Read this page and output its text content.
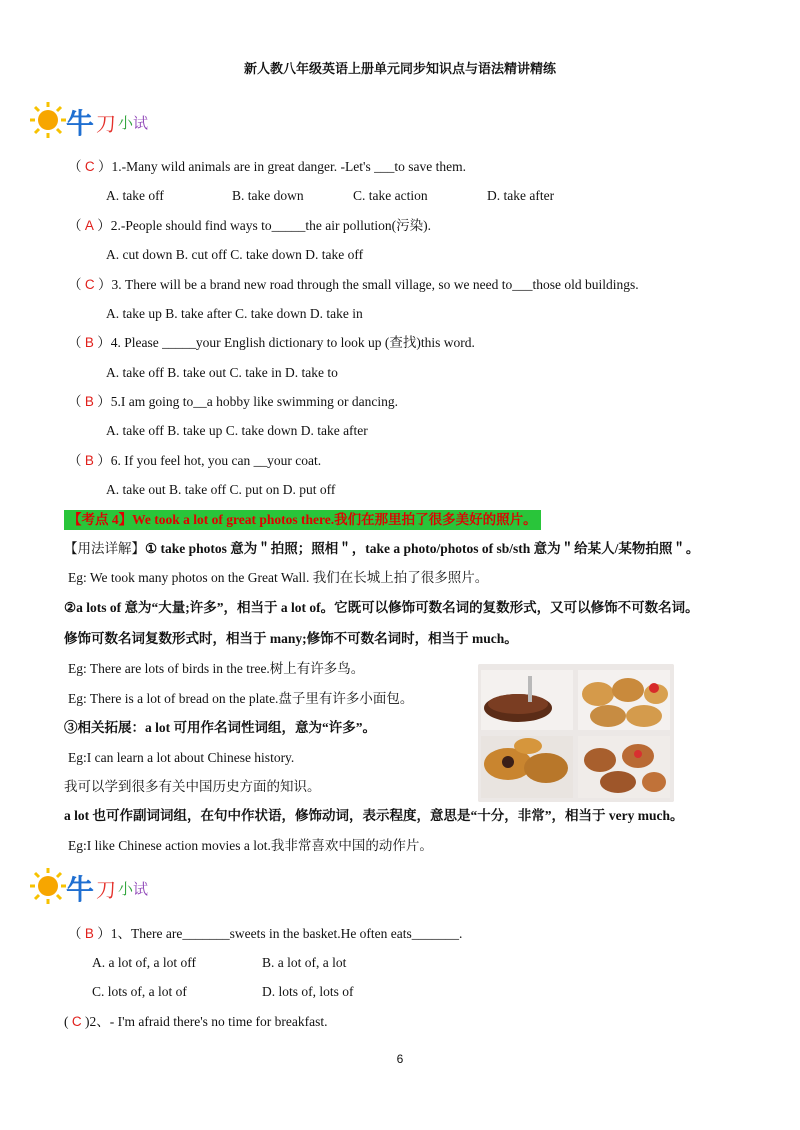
新人教八年级英语上册单元同步知识点与语法精讲精练
牛 刀 小 试
（ C ）1.-Many wild animals are in great danger. -Let's ___to save them.
A. take off	B. take down	C. take action	D. take after
（ A ）2.-People should find ways to_____the air pollution(污染).
A. cut down B. cut off C. take down D. take off
（ C ）3. There will be a brand new road through the small village, so we need to___those old buildings.
A. take up B. take after C. take down D. take in
（ B ）4. Please _____your English dictionary to look up (查找)this word.
A. take off B. take out C. take in D. take to
（ B ）5.I am going to__a hobby like swimming or dancing.
A. take off B. take up C. take down D. take after
（ B ）6. If you feel hot, you can __your coat.
A. take out B. take off C. put on D. put off
【考点 4】We took a lot of great photos there.我们在那里拍了很多美好的照片。
【用法详解】① take photos 意为＂拍照；照相＂，take a photo/photos of sb/sth 意为＂给某人/某物拍照＂。
Eg: We took many photos on the Great Wall. 我们在长城上拍了很多照片。
②a lots of 意为“大量;许多”，相当于 a lot of。它既可以修饰可数名词的复数形式，又可以修饰不可数名词。
修饰可数名词复数形式时，相当于 many;修饰不可数名词时，相当于 much。
Eg: There are lots of birds in the tree.树上有许多鸟。
Eg: There is a lot of bread on the plate.盘子里有许多小面包。
③相关拓展：a lot 可用作名词性词组，意为“许多”。
Eg:I can learn a lot about Chinese history.
我可以学到很多有关中国历史方面的知识。
a lot 也可作副词词组，在句中作状语，修饰动词，表示程度，意思是“十分，非常”，相当于 very much。
Eg:I like Chinese action movies a lot.我非常喜欢中国的动作片。
牛 刀 小 试
（ B ）1、There are_______sweets in the basket.He often eats_______.
A. a lot of, a lot off	B. a lot of, a lot
C. lots of, a lot of	D. lots of, lots of
( C )2、- I'm afraid there's no time for breakfast.
6
